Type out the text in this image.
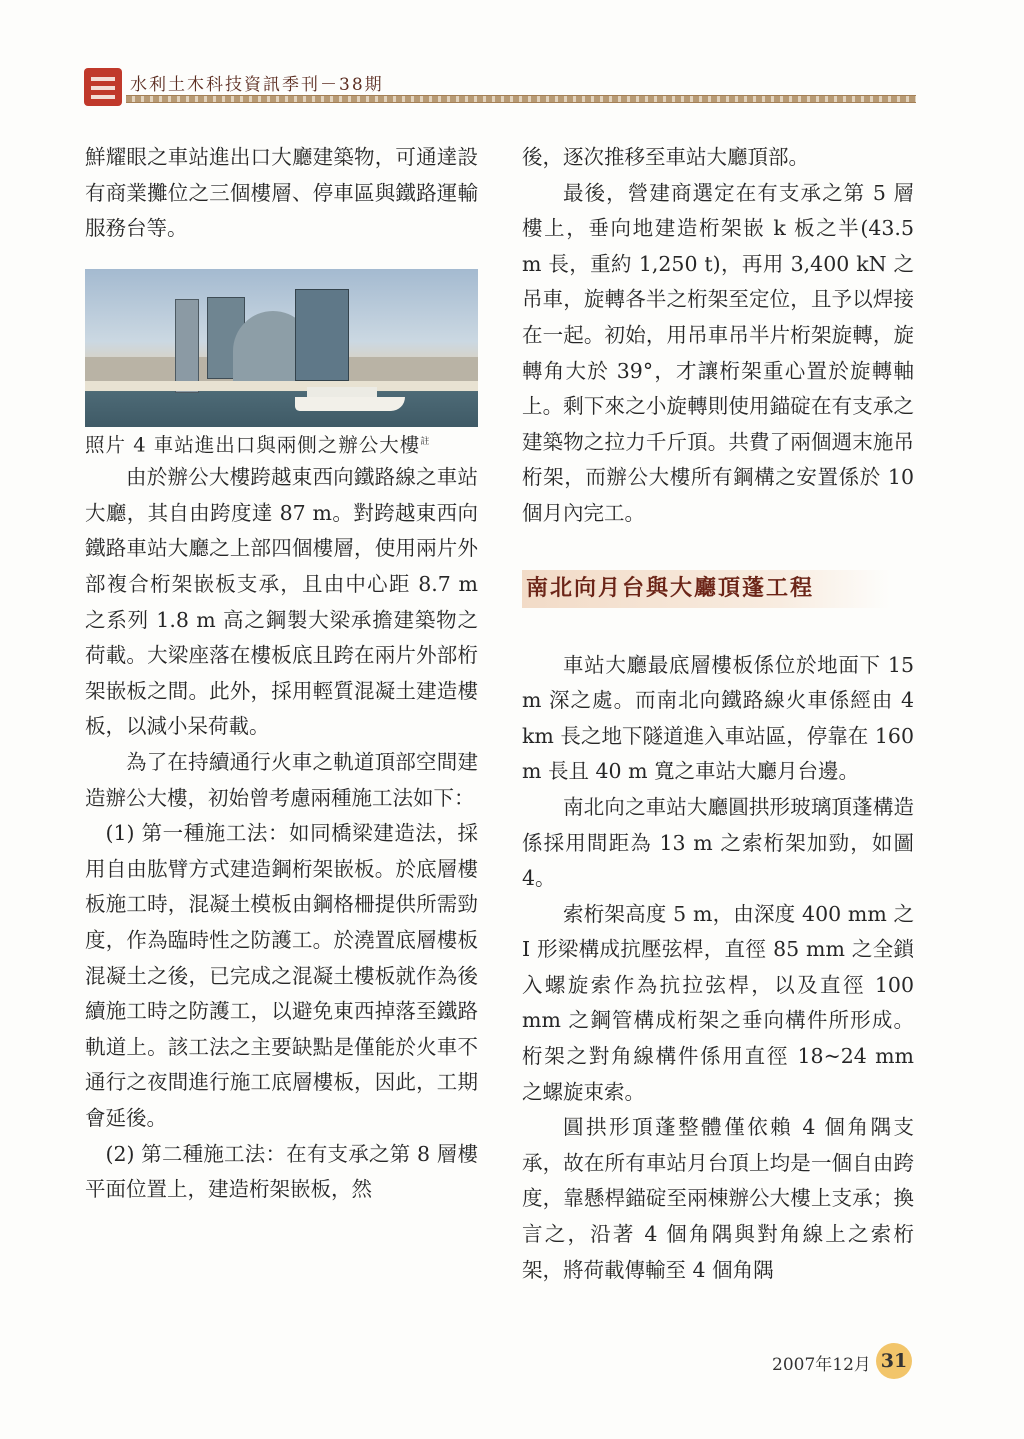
水利土木科技資訊季刊－38期

鮮耀眼之車站進出口大廳建築物，可通達設有商業攤位之三個樓層、停車區與鐵路運輸服務台等。

照片 4 車站進出口與兩側之辦公大樓$^註$

由於辦公大樓跨越東西向鐵路線之車站大廳，其自由跨度達 87 m。對跨越東西向鐵路車站大廳之上部四個樓層，使用兩片外部複合桁架嵌板支承，且由中心距 8.7 m 之系列 1.8 m 高之鋼製大梁承擔建築物之荷載。大梁座落在樓板底且跨在兩片外部桁架嵌板之間。此外，採用輕質混凝土建造樓板，以減小呆荷載。

為了在持續通行火車之軌道頂部空間建造辦公大樓，初始曾考慮兩種施工法如下：

(1) 第一種施工法：如同橋梁建造法，採用自由肱臂方式建造鋼桁架嵌板。於底層樓板施工時，混凝土模板由鋼格柵提供所需勁度，作為臨時性之防護工。於澆置底層樓板混凝土之後，已完成之混凝土樓板就作為後續施工時之防護工，以避免東西掉落至鐵路軌道上。該工法之主要缺點是僅能於火車不通行之夜間進行施工底層樓板，因此，工期會延後。

(2) 第二種施工法：在有支承之第 8 層樓平面位置上，建造桁架嵌板，然

後，逐次推移至車站大廳頂部。

最後，營建商選定在有支承之第 5 層樓上，垂向地建造桁架嵌 k 板之半(43.5 m 長，重約 1,250 t)，再用 3,400 kN 之吊車，旋轉各半之桁架至定位，且予以焊接在一起。初始，用吊車吊半片桁架旋轉，旋轉角大於 39°，才讓桁架重心置於旋轉軸上。剩下來之小旋轉則使用錨碇在有支承之建築物之拉力千斤頂。共費了兩個週末施吊桁架，而辦公大樓所有鋼構之安置係於 10 個月內完工。

南北向月台與大廳頂蓬工程

車站大廳最底層樓板係位於地面下 15 m 深之處。而南北向鐵路線火車係經由 4 km 長之地下隧道進入車站區，停靠在 160 m 長且 40 m 寬之車站大廳月台邊。

南北向之車站大廳圓拱形玻璃頂蓬構造係採用間距為 13 m 之索桁架加勁，如圖 4。

索桁架高度 5 m，由深度 400 mm 之 I 形梁構成抗壓弦桿，直徑 85 mm 之全鎖入螺旋索作為抗拉弦桿，以及直徑 100 mm 之鋼管構成桁架之垂向構件所形成。桁架之對角線構件係用直徑 18~24 mm 之螺旋束索。

圓拱形頂蓬整體僅依賴 4 個角隅支承，故在所有車站月台頂上均是一個自由跨度，靠懸桿錨碇至兩棟辦公大樓上支承；換言之，沿著 4 個角隅與對角線上之索桁架，將荷載傳輸至 4 個角隅

2007年12月 31
